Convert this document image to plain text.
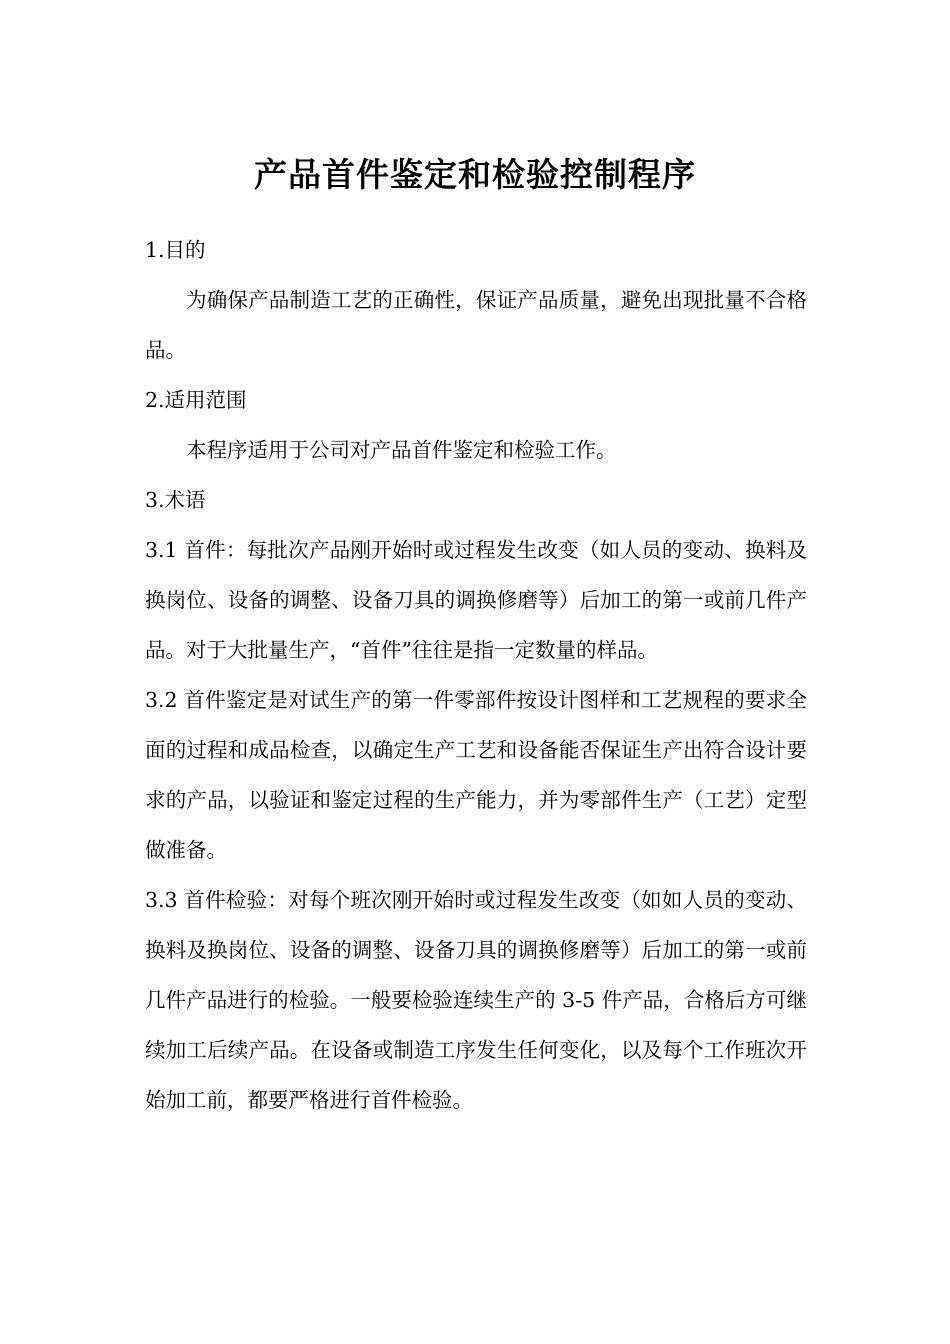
产品首件鉴定和检验控制程序

1.目的

为确保产品制造工艺的正确性，保证产品质量，避免出现批量不合格品。

2.适用范围

本程序适用于公司对产品首件鉴定和检验工作。

3.术语

3.1 首件：每批次产品刚开始时或过程发生改变（如人员的变动、换料及换岗位、设备的调整、设备刀具的调换修磨等）后加工的第一或前几件产品。对于大批量生产，“首件”往往是指一定数量的样品。

3.2 首件鉴定是对试生产的第一件零部件按设计图样和工艺规程的要求全面的过程和成品检查，以确定生产工艺和设备能否保证生产出符合设计要求的产品，以验证和鉴定过程的生产能力，并为零部件生产（工艺）定型做准备。

3.3 首件检验：对每个班次刚开始时或过程发生改变（如如人员的变动、换料及换岗位、设备的调整、设备刀具的调换修磨等）后加工的第一或前几件产品进行的检验。一般要检验连续生产的 3-5 件产品，合格后方可继续加工后续产品。在设备或制造工序发生任何变化，以及每个工作班次开始加工前，都要严格进行首件检验。
